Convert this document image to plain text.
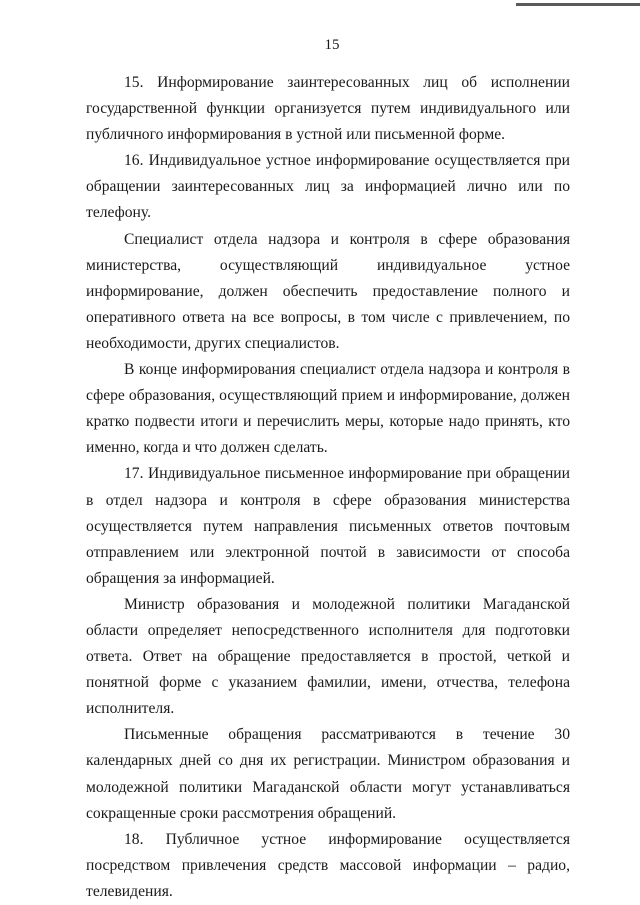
15

15. Информирование заинтересованных лиц об исполнении государственной функции организуется путем индивидуального или публичного информирования в устной или письменной форме.

16. Индивидуальное устное информирование осуществляется при обращении заинтересованных лиц за информацией лично или по телефону.

Специалист отдела надзора и контроля в сфере образования министерства, осуществляющий индивидуальное устное информирование, должен обеспечить предоставление полного и оперативного ответа на все вопросы, в том числе с привлечением, по необходимости, других специалистов.

В конце информирования специалист отдела надзора и контроля в сфере образования, осуществляющий прием и информирование, должен кратко подвести итоги и перечислить меры, которые надо принять, кто именно, когда и что должен сделать.

17. Индивидуальное письменное информирование при обращении в отдел надзора и контроля в сфере образования министерства осуществляется путем направления письменных ответов почтовым отправлением или электронной почтой в зависимости от способа обращения за информацией.

Министр образования и молодежной политики Магаданской области определяет непосредственного исполнителя для подготовки ответа. Ответ на обращение предоставляется в простой, четкой и понятной форме с указанием фамилии, имени, отчества, телефона исполнителя.

Письменные обращения рассматриваются в течение 30 календарных дней со дня их регистрации. Министром образования и молодежной политики Магаданской области могут устанавливаться сокращенные сроки рассмотрения обращений.

18. Публичное устное информирование осуществляется посредством привлечения средств массовой информации – радио, телевидения.
